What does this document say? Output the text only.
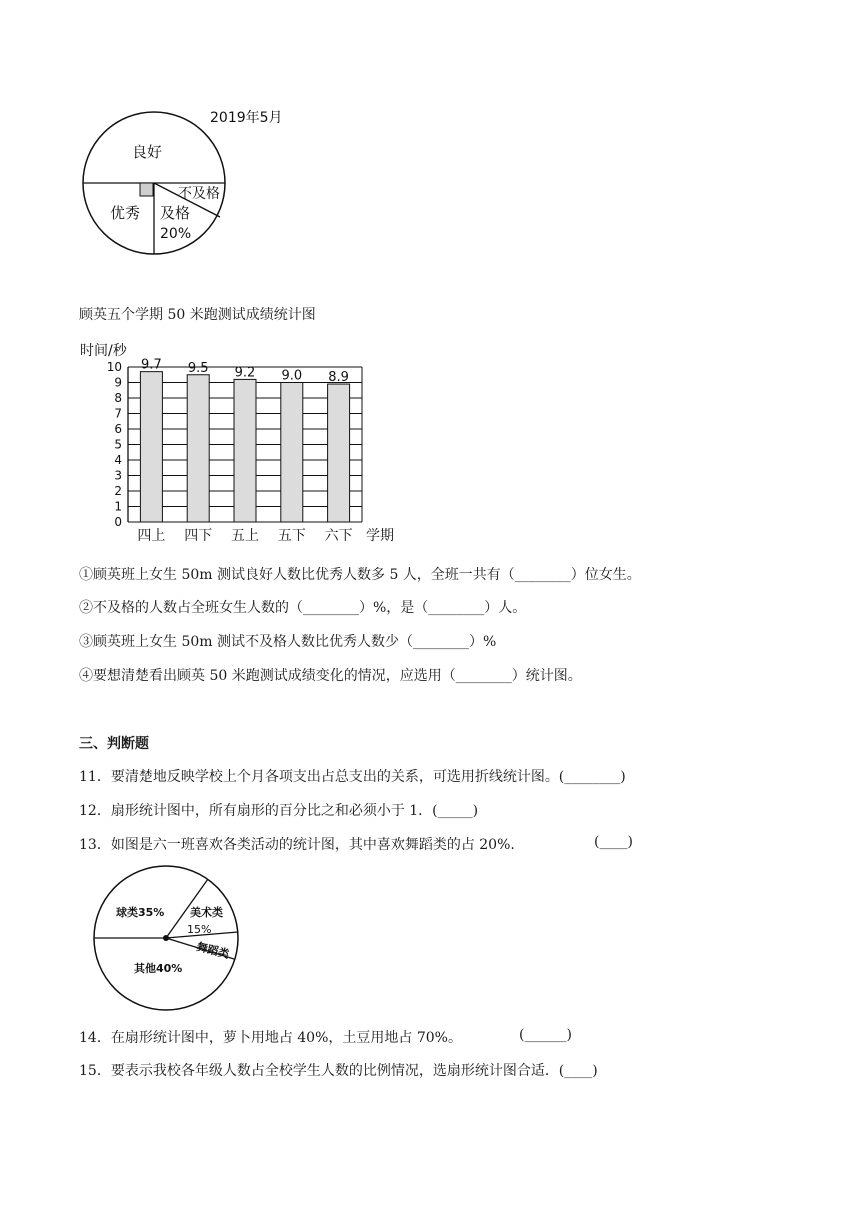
2019年5月
良好
优秀 及格
20%
不及格
顾英五个学期 50 米跑测试成绩统计图
时间/秒
0
1
2
3
4
5
6
7
8
9
10 9.7
四上
9.5
四下
9.2
五上
9.0
五下
8.9
六下 学期
①顾英班上女生 50m 测试良好人数比优秀人数多 5 人，全班一共有（________）位女生。
②不及格的人数占全班女生人数的（________）%，是（________）人。
③顾英班上女生 50m 测试不及格人数比优秀人数少（________）%
④要想清楚看出顾英 50 米跑测试成绩变化的情况，应选用（________）统计图。
三、判断题
11．要清楚地反映学校上个月各项支出占总支出的关系，可选用折线统计图。(________)
12．扇形统计图中，所有扇形的百分比之和必须小于 1．(_____)
13．如图是六一班喜欢各类活动的统计图，其中喜欢舞蹈类的占 20%.	(____)
球类35% 美术类
15%
舞蹈类
其他40%
14．在扇形统计图中，萝卜用地占 40%，土豆用地占 70%。	(______)
15．要表示我校各年级人数占全校学生人数的比例情况，选扇形统计图合适．(____)
